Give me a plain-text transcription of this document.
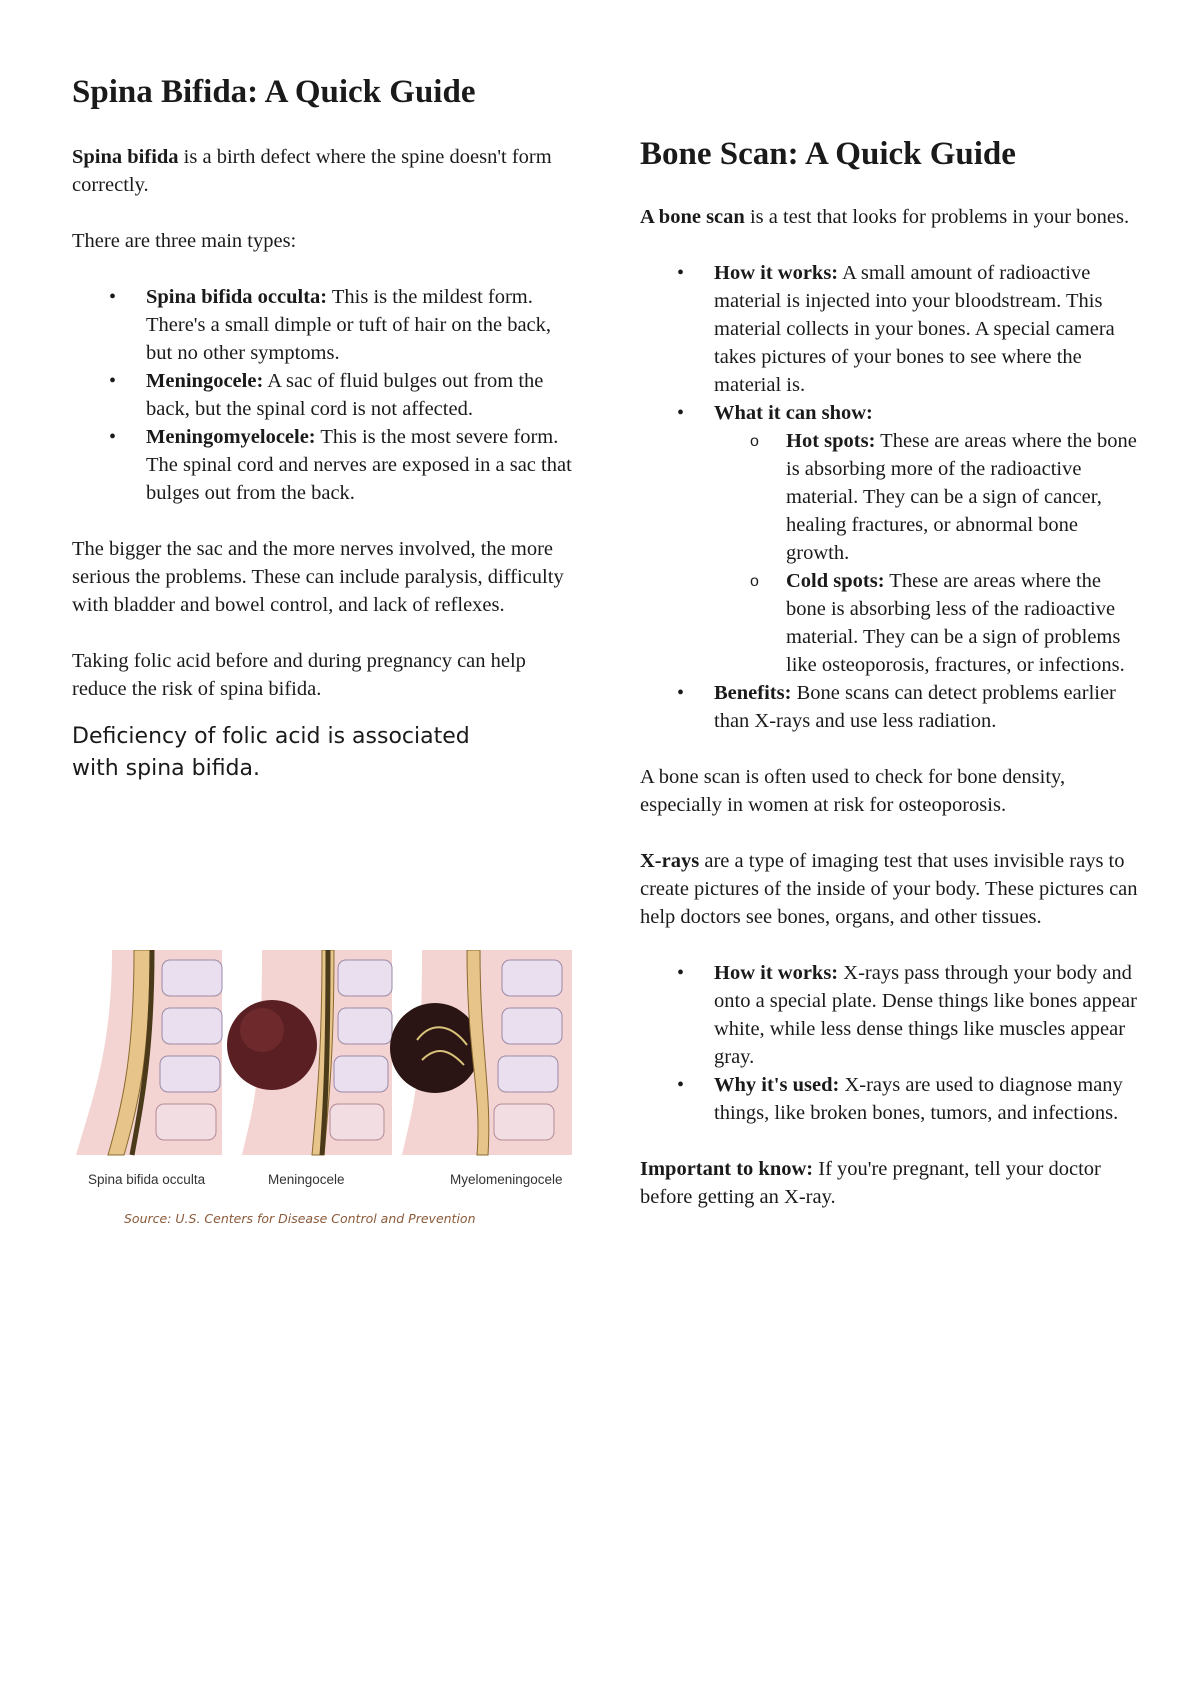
Spina Bifida: A Quick Guide

Spina bifida is a birth defect where the spine doesn't form correctly.

There are three main types:

• Spina bifida occulta: This is the mildest form. There's a small dimple or tuft of hair on the back, but no other symptoms.
• Meningocele: A sac of fluid bulges out from the back, but the spinal cord is not affected.
• Meningomyelocele: This is the most severe form. The spinal cord and nerves are exposed in a sac that bulges out from the back.

The bigger the sac and the more nerves involved, the more serious the problems. These can include paralysis, difficulty with bladder and bowel control, and lack of reflexes.

Taking folic acid before and during pregnancy can help reduce the risk of spina bifida.

Deficiency of folic acid is associated with spina bifida.

Spina bifida occulta	Meningocele	Myelomeningocele
Source: U.S. Centers for Disease Control and Prevention
Bone Scan: A Quick Guide

A bone scan is a test that looks for problems in your bones.

• How it works: A small amount of radioactive material is injected into your bloodstream. This material collects in your bones. A special camera takes pictures of your bones to see where the material is.
• What it can show:
o Hot spots: These are areas where the bone is absorbing more of the radioactive material. They can be a sign of cancer, healing fractures, or abnormal bone growth.
o Cold spots: These are areas where the bone is absorbing less of the radioactive material. They can be a sign of problems like osteoporosis, fractures, or infections.
• Benefits: Bone scans can detect problems earlier than X-rays and use less radiation.

A bone scan is often used to check for bone density, especially in women at risk for osteoporosis.

X-rays are a type of imaging test that uses invisible rays to create pictures of the inside of your body. These pictures can help doctors see bones, organs, and other tissues.

• How it works: X-rays pass through your body and onto a special plate. Dense things like bones appear white, while less dense things like muscles appear gray.
• Why it's used: X-rays are used to diagnose many things, like broken bones, tumors, and infections.

Important to know: If you're pregnant, tell your doctor before getting an X-ray.
